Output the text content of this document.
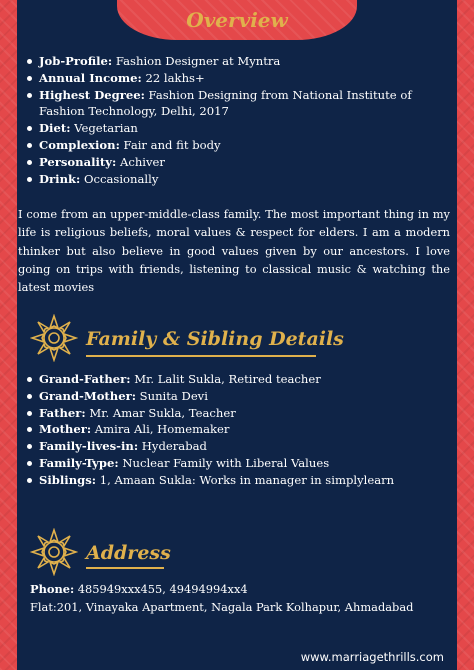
Overview
Job-Profile: Fashion Designer at Myntra
Annual Income: 22 lakhs+
Highest Degree: Fashion Designing from National Institute of Fashion Technology, Delhi, 2017
Diet: Vegetarian
Complexion: Fair and fit body
Personality: Achiver
Drink: Occasionally
I come from an upper-middle-class family. The most important thing in my life is religious beliefs, moral values & respect for elders. I am a modern thinker but also believe in good values given by our ancestors. I love going on trips with friends, listening to classical music & watching the latest movies
Family & Sibling Details
Grand-Father: Mr. Lalit Sukla, Retired teacher
Grand-Mother: Sunita Devi
Father: Mr. Amar Sukla, Teacher
Mother: Amira Ali, Homemaker
Family-lives-in: Hyderabad
Family-Type: Nuclear Family with Liberal Values
Siblings: 1, Amaan Sukla: Works in manager in simplylearn
Address
Phone: 485949xxx455, 49494994xx4
Flat:201, Vinayaka Apartment, Nagala Park Kolhapur, Ahmadabad
www.marriagethrills.com
